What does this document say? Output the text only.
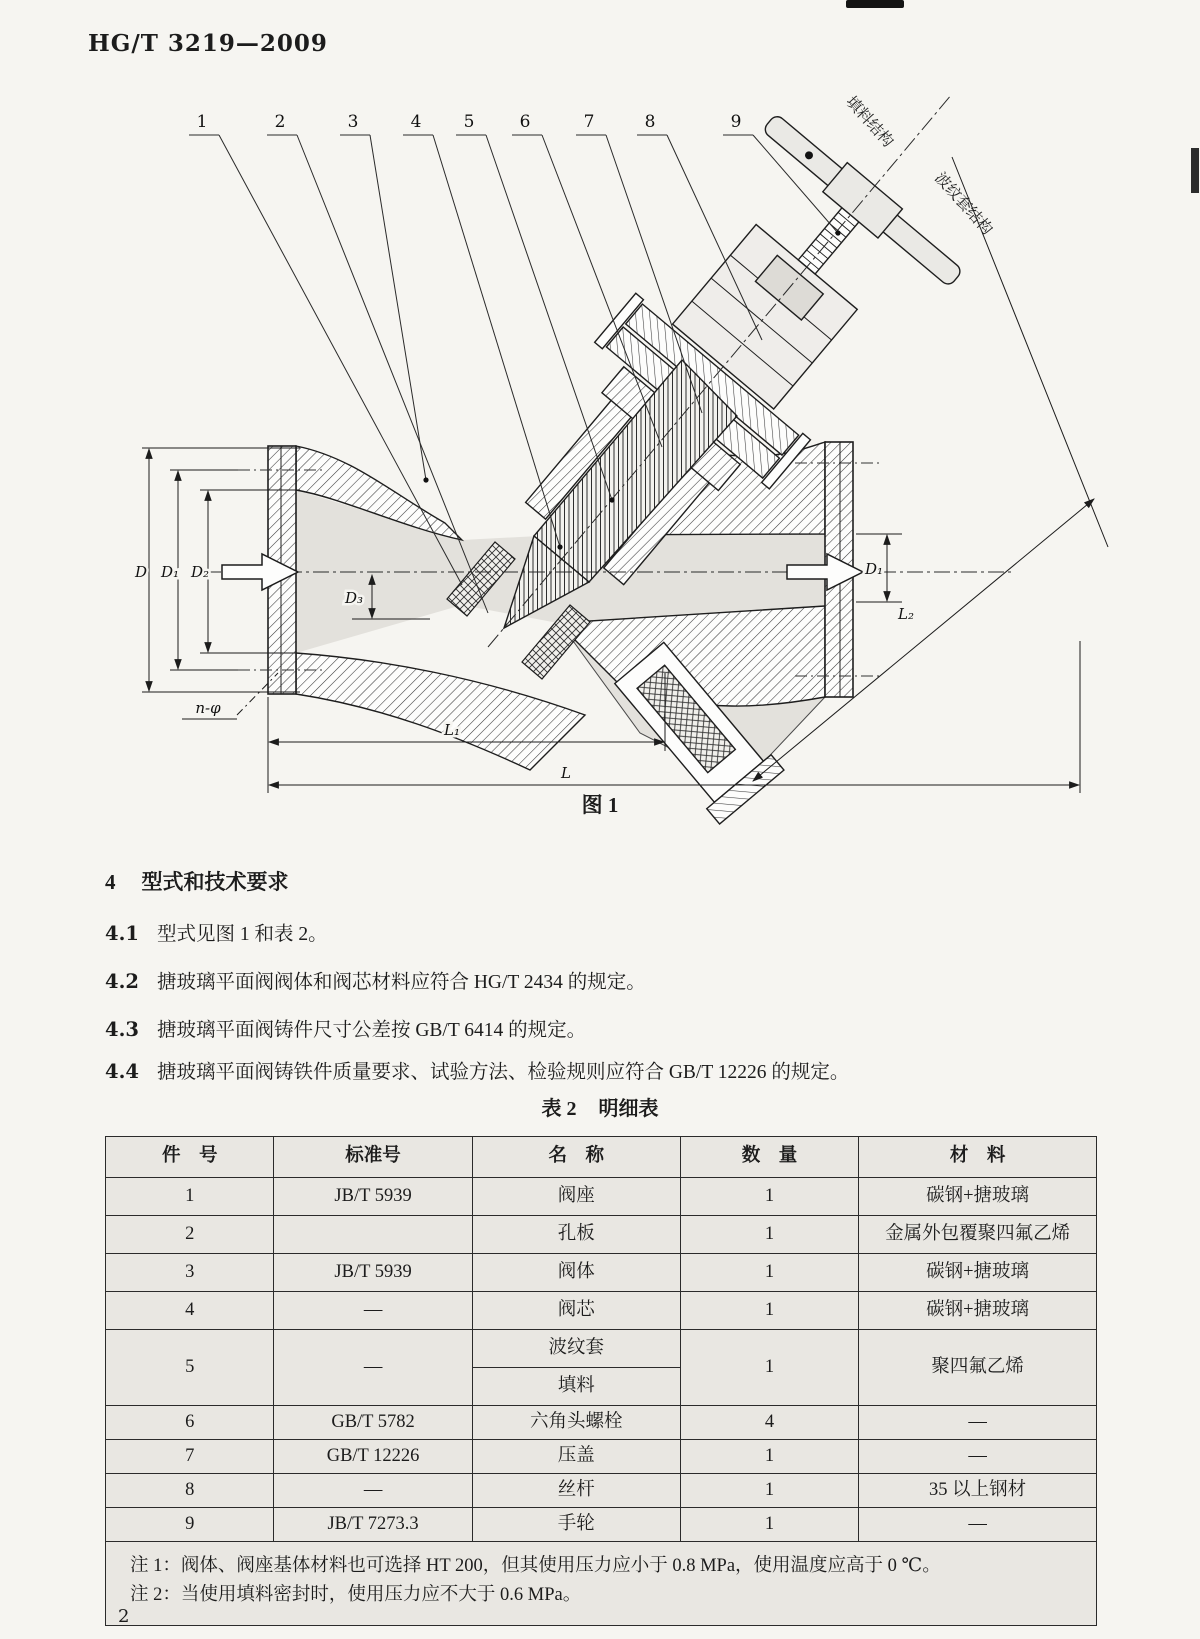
HG/T 3219—2009
1	2	3	4 5	6	7	8	9	填料结构
波纹套结构
D D₁ D₂
D₃
D₁
L₁
L
L₂
n-φ
图 1
4 型式和技术要求
4.1 型式见图 1 和表 2。
4.2 搪玻璃平面阀阀体和阀芯材料应符合 HG/T 2434 的规定。
4.3 搪玻璃平面阀铸件尺寸公差按 GB/T 6414 的规定。
4.4 搪玻璃平面阀铸铁件质量要求、试验方法、检验规则应符合 GB/T 12226 的规定。
表 2 明细表
件　号	标准号	名　称	数　量	材　料
1	JB/T 5939	阀座	1	碳钢+搪玻璃
2		孔板	1	金属外包覆聚四氟乙烯
3	JB/T 5939	阀体	1	碳钢+搪玻璃
4	—	阀芯	1	碳钢+搪玻璃
5	—	波纹套	1	聚四氟乙烯
		填料		
6	GB/T 5782	六角头螺栓	4	—
7	GB/T 12226	压盖	1	—
8	—	丝杆	1	35 以上钢材
9	JB/T 7273.3	手轮	1	—

注 1：阀体、阀座基体材料也可选择 HT 200，但其使用压力应小于 0.8 MPa，使用温度应高于 0 ℃。
注 2：当使用填料密封时，使用压力应不大于 0.6 MPa。				
2
